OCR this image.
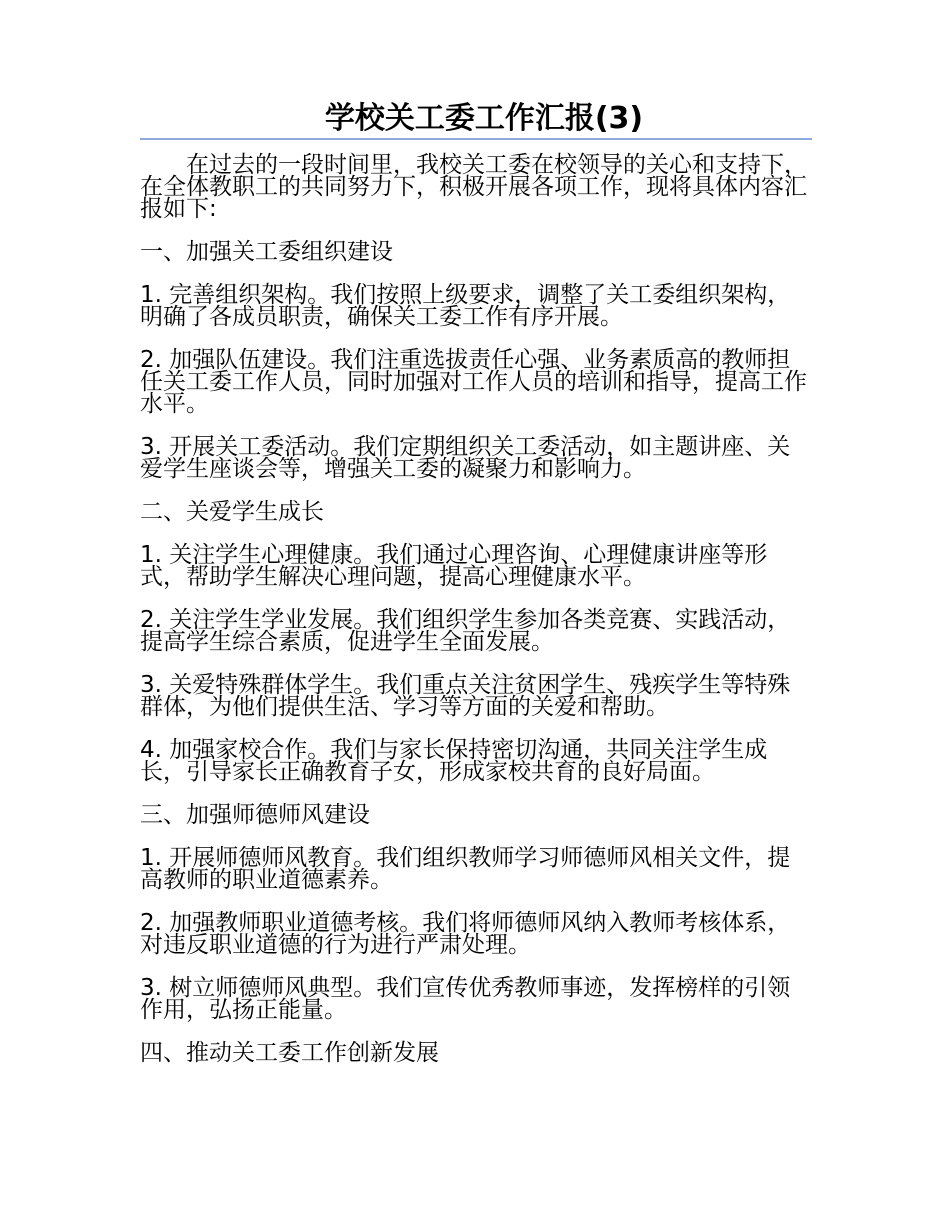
学校关工委工作汇报(3)

在过去的一段时间里，我校关工委在校领导的关心和支持下，在全体教职工的共同努力下，积极开展各项工作，现将具体内容汇报如下:

一、加强关工委组织建设

1. 完善组织架构。我们按照上级要求，调整了关工委组织架构，明确了各成员职责，确保关工委工作有序开展。

2. 加强队伍建设。我们注重选拔责任心强、业务素质高的教师担任关工委工作人员，同时加强对工作人员的培训和指导，提高工作水平。

3. 开展关工委活动。我们定期组织关工委活动，如主题讲座、关爱学生座谈会等，增强关工委的凝聚力和影响力。

二、关爱学生成长

1. 关注学生心理健康。我们通过心理咨询、心理健康讲座等形式，帮助学生解决心理问题，提高心理健康水平。

2. 关注学生学业发展。我们组织学生参加各类竞赛、实践活动，提高学生综合素质，促进学生全面发展。

3. 关爱特殊群体学生。我们重点关注贫困学生、残疾学生等特殊群体，为他们提供生活、学习等方面的关爱和帮助。

4. 加强家校合作。我们与家长保持密切沟通，共同关注学生成长，引导家长正确教育子女，形成家校共育的良好局面。

三、加强师德师风建设

1. 开展师德师风教育。我们组织教师学习师德师风相关文件，提高教师的职业道德素养。

2. 加强教师职业道德考核。我们将师德师风纳入教师考核体系，对违反职业道德的行为进行严肃处理。

3. 树立师德师风典型。我们宣传优秀教师事迹，发挥榜样的引领作用，弘扬正能量。

四、推动关工委工作创新发展
